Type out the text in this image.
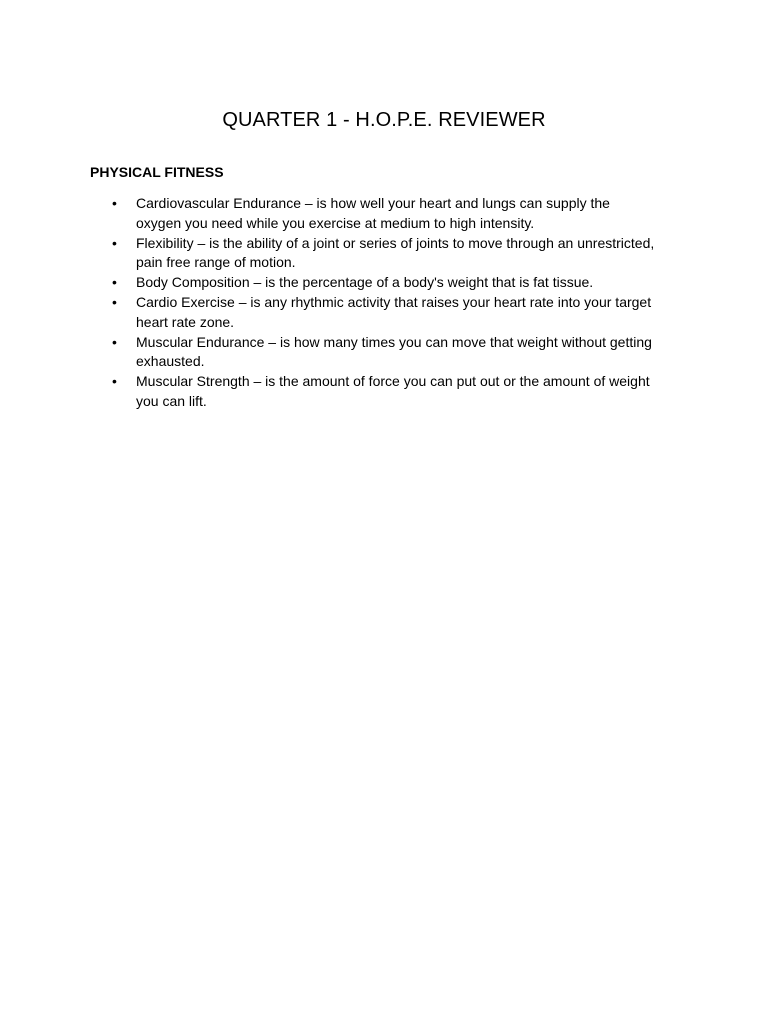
QUARTER 1 - H.O.P.E. REVIEWER
PHYSICAL FITNESS
• Cardiovascular Endurance – is how well your heart and lungs can supply the oxygen you need while you exercise at medium to high intensity.
• Flexibility – is the ability of a joint or series of joints to move through an unrestricted, pain free range of motion.
• Body Composition – is the percentage of a body's weight that is fat tissue.
• Cardio Exercise – is any rhythmic activity that raises your heart rate into your target heart rate zone.
• Muscular Endurance – is how many times you can move that weight without getting exhausted.
• Muscular Strength – is the amount of force you can put out or the amount of weight you can lift.
